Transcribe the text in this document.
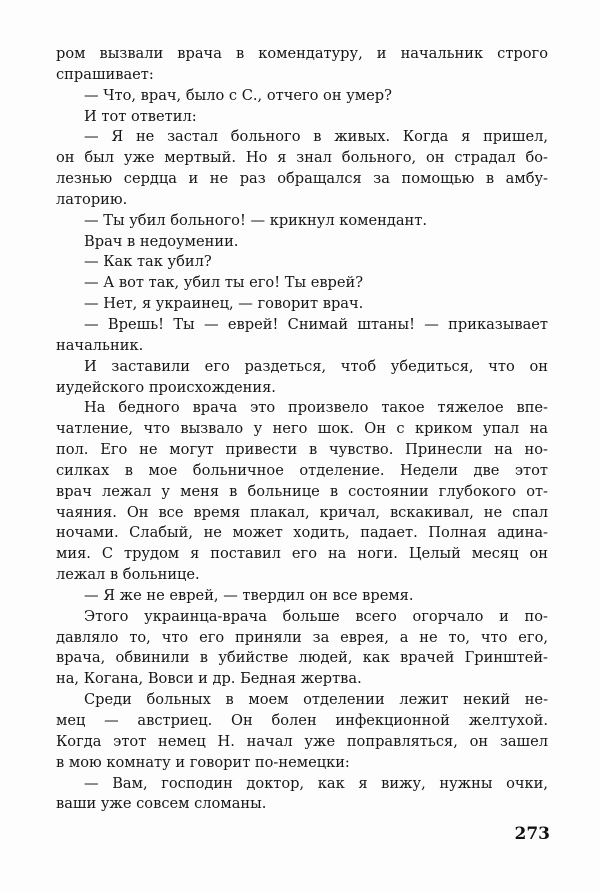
ром вызвали врача в комендатуру, и начальник строго
спрашивает:
— Что, врач, было с С., отчего он умер?
И тот ответил:
— Я не застал больного в живых. Когда я пришел,
он был уже мертвый. Но я знал больного, он страдал бо-
лезнью сердца и не раз обращался за помощью в амбу-
латорию.
— Ты убил больного! — крикнул комендант.
Врач в недоумении.
— Как так убил?
— А вот так, убил ты его! Ты еврей?
— Нет, я украинец, — говорит врач.
— Врешь! Ты — еврей! Снимай штаны! — приказывает
начальник.
И заставили его раздеться, чтоб убедиться, что он
иудейского происхождения.
На бедного врача это произвело такое тяжелое впе-
чатление, что вызвало у него шок. Он с криком упал на
пол. Его не могут привести в чувство. Принесли на но-
силках в мое больничное отделение. Недели две этот
врач лежал у меня в больнице в состоянии глубокого от-
чаяния. Он все время плакал, кричал, вскакивал, не спал
ночами. Слабый, не может ходить, падает. Полная адина-
мия. С трудом я поставил его на ноги. Целый месяц он
лежал в больнице.
— Я же не еврей, — твердил он все время.
Этого украинца-врача больше всего огорчало и по-
давляло то, что его приняли за еврея, а не то, что его,
врача, обвинили в убийстве людей, как врачей Гринштей-
на, Когана, Вовси и др. Бедная жертва.
Среди больных в моем отделении лежит некий не-
мец — австриец. Он болен инфекционной желтухой.
Когда этот немец Н. начал уже поправляться, он зашел
в мою комнату и говорит по-немецки:
— Вам, господин доктор, как я вижу, нужны очки,
ваши уже совсем сломаны.
273
